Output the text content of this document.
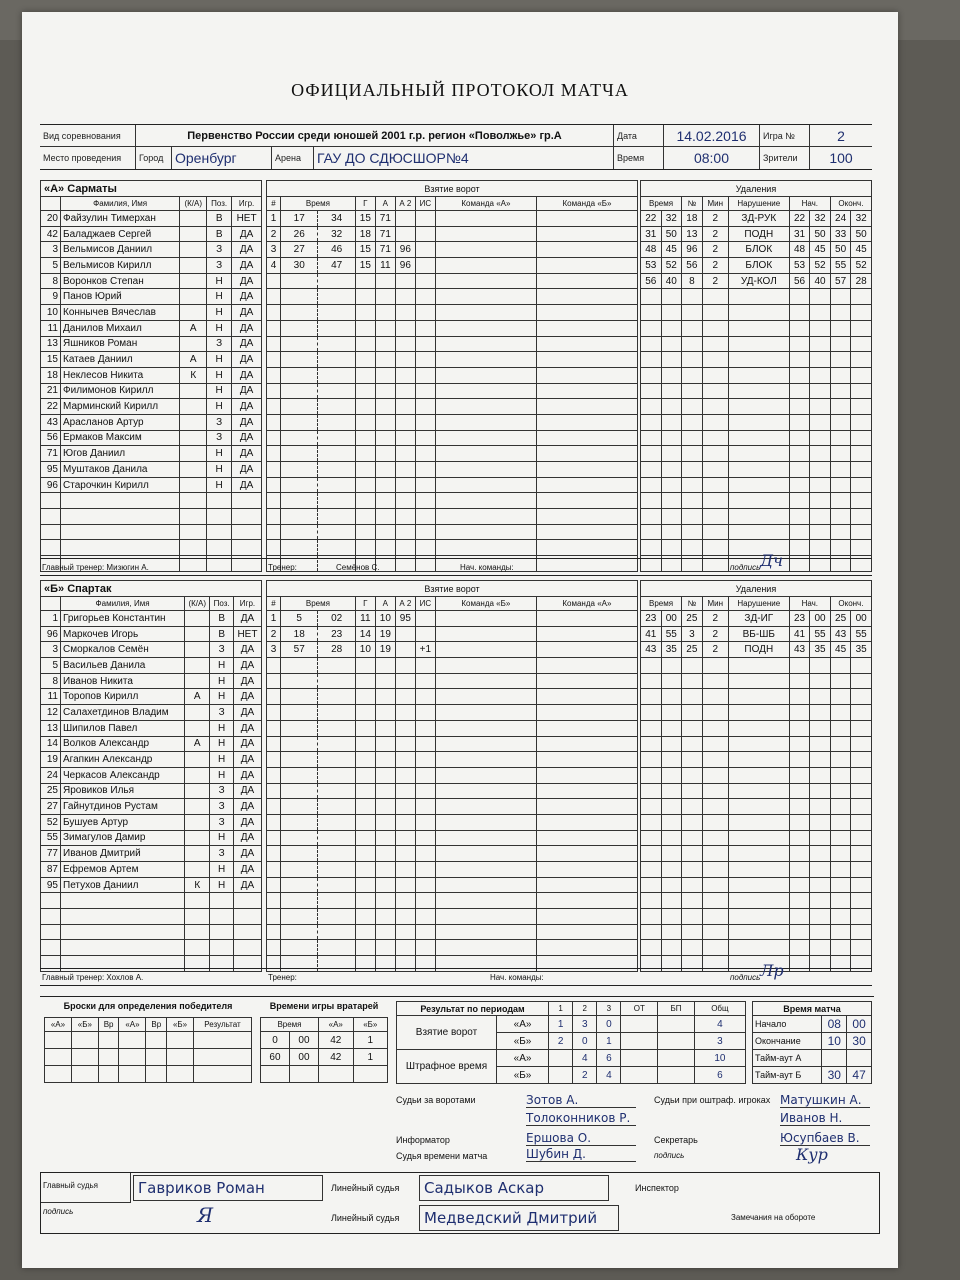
ОФИЦИАЛЬНЫЙ ПРОТОКОЛ МАТЧА
Вид соревнования	Первенство России среди юношей 2001 г.р. регион «Поволжье» гр.А	Дата	14.02.2016 Игра №	2
Место проведения Город Оренбург	Арена ГАУ ДО СДЮСШОР№4	Время	08:00	Зрители 100
«А» Сарматы				
	Фамилия, Имя	(К/А)	Поз.	Игр.
20	Файзулин Тимерхан		В	НЕТ
42	Баладжаев Сергей		В	ДА
3	Вельмисов Даниил		З	ДА
5	Вельмисов Кирилл		З	ДА
8	Воронков Степан		Н	ДА
9	Панов Юрий		Н	ДА
10	Коннычев Вячеслав		Н	ДА
11	Данилов Михаил	А	Н	ДА
13	Яшников Роман		З	ДА
15	Катаев Даниил	А	Н	ДА
18	Неклесов Никита	К	Н	ДА
21	Филимонов Кирилл		Н	ДА
22	Марминский Кирилл		Н	ДА
43	Арасланов Артур		З	ДА
56	Ермаков Максим		З	ДА
71	Югов Даниил		Н	ДА
95	Муштаков Данила		Н	ДА
96	Старочкин Кирилл		Н	ДА

Взятие ворот								
#	Время		Г	А	А 2	ИС	Команда «А»	Команда «Б»
1	17	34	15	71				
2	26	32	18	71				
3	27	46	15	71	96			
4	30	47	15	11	96			

Удаления								
Время		№	Мин	Нарушение	Нач.		Оконч.	
22	32	18	2	ЗД-РУК	22	32	24	32
31	50	13	2	ПОДН	31	50	33	50
48	45	96	2	БЛОК	48	45	50	45
53	52	56	2	БЛОК	53	52	55	52
56	40	8	2	УД-КОЛ	56	40	57	28

Главный тренер: Мизюгин А.	Тренер:	Семёнов С.	Нач. команды:	подпись Дч
«Б» Спартак				
	Фамилия, Имя	(К/А)	Поз.	Игр.
1	Григорьев Константин		В	ДА
96	Маркочев Игорь		В	НЕТ
3	Сморкалов Семён		З	ДА
5	Васильев Данила		Н	ДА
8	Иванов Никита		Н	ДА
11	Торопов Кирилл	А	Н	ДА
12	Салахетдинов Владим		З	ДА
13	Шипилов Павел		Н	ДА
14	Волков Александр	А	Н	ДА
19	Агапкин Александр		Н	ДА
24	Черкасов Александр		Н	ДА
25	Яровиков Илья		З	ДА
27	Гайнутдинов Рустам		З	ДА
52	Бушуев Артур		З	ДА
55	Зимагулов Дамир		Н	ДА
77	Иванов Дмитрий		З	ДА
87	Ефремов Артем		Н	ДА
95	Петухов Даниил	К	Н	ДА

Взятие ворот								
#	Время		Г	А	А 2	ИС	Команда «Б»	Команда «А»
1	5	02	11	10	95			
2	18	23	14	19				
3	57	28	10	19		+1		

Удаления								
Время		№	Мин	Нарушение	Нач.		Оконч.	
23	00	25	2	ЗД-ИГ	23	00	25	00
41	55	3	2	ВБ-ШБ	41	55	43	55
43	35	25	2	ПОДН	43	35	45	35

Главный тренер: Хохлов А.	Тренер:	Нач. команды:	подпись Лр
Броски для определения победителя
«А»	«Б»	Вр	«А»	Вр	«Б»	Результат

Времени игры вратарей
Время		«А»	«Б»
0	00	42	1
60	00	42	1

Результат по периодам		1	2	3	ОТ	БП	Общ
Взятие ворот	«А»	1	3	0			4
	«Б»	2	0	1			3
Штрафное время	«А»		4	6			10
	«Б»		2	4			6
Время матча		
Начало	08	00
Окончание	10	30
Тайм-аут А		
Тайм-аут Б	30	47
Судьи за воротами	Зотов А.
Толоконников Р.
Судьи при оштраф. игроках Матушкин А.
Иванов Н.
Информатор	Ершова О.
Судья времени матча	Шубин Д.
Секретарь	Юсупбаев В.
подпись	Кур
Главный судья	Гавриков Роман
подпись	Я
Линейный судья	Садыков Аскар
Линейный судья	Медведский Дмитрий
Инспектор
Замечания на обороте
